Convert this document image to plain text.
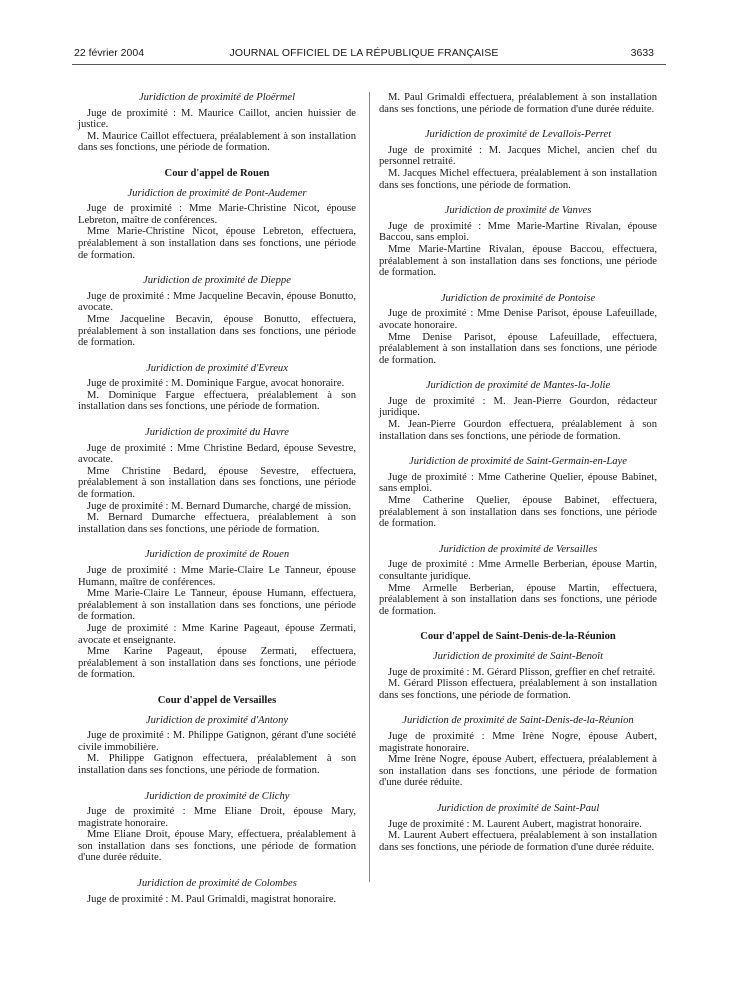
22 février 2004	JOURNAL OFFICIEL DE LA RÉPUBLIQUE FRANÇAISE	3633
Juridiction de proximité de Ploërmel
Juge de proximité : M. Maurice Caillot, ancien huissier de justice.
M. Maurice Caillot effectuera, préalablement à son installation dans ses fonctions, une période de formation.
Cour d'appel de Rouen
Juridiction de proximité de Pont-Audemer
Juge de proximité : Mme Marie-Christine Nicot, épouse Lebreton, maître de conférences.
Mme Marie-Christine Nicot, épouse Lebreton, effectuera, préalablement à son installation dans ses fonctions, une période de formation.
Juridiction de proximité de Dieppe
Juge de proximité : Mme Jacqueline Becavin, épouse Bonutto, avocate.
Mme Jacqueline Becavin, épouse Bonutto, effectuera, préalablement à son installation dans ses fonctions, une période de formation.
Juridiction de proximité d'Evreux
Juge de proximité : M. Dominique Fargue, avocat honoraire.
M. Dominique Fargue effectuera, préalablement à son installation dans ses fonctions, une période de formation.
Juridiction de proximité du Havre
Juge de proximité : Mme Christine Bedard, épouse Sevestre, avocate.
Mme Christine Bedard, épouse Sevestre, effectuera, préalablement à son installation dans ses fonctions, une période de formation.
Juge de proximité : M. Bernard Dumarche, chargé de mission.
M. Bernard Dumarche effectuera, préalablement à son installation dans ses fonctions, une période de formation.
Juridiction de proximité de Rouen
Juge de proximité : Mme Marie-Claire Le Tanneur, épouse Humann, maître de conférences.
Mme Marie-Claire Le Tanneur, épouse Humann, effectuera, préalablement à son installation dans ses fonctions, une période de formation.
Juge de proximité : Mme Karine Pageaut, épouse Zermati, avocate et enseignante.
Mme Karine Pageaut, épouse Zermati, effectuera, préalablement à son installation dans ses fonctions, une période de formation.
Cour d'appel de Versailles
Juridiction de proximité d'Antony
Juge de proximité : M. Philippe Gatignon, gérant d'une société civile immobilière.
M. Philippe Gatignon effectuera, préalablement à son installation dans ses fonctions, une période de formation.
Juridiction de proximité de Clichy
Juge de proximité : Mme Eliane Droit, épouse Mary, magistrate honoraire.
Mme Eliane Droit, épouse Mary, effectuera, préalablement à son installation dans ses fonctions, une période de formation d'une durée réduite.
Juridiction de proximité de Colombes
Juge de proximité : M. Paul Grimaldi, magistrat honoraire.
M. Paul Grimaldi effectuera, préalablement à son installation dans ses fonctions, une période de formation d'une durée réduite.
Juridiction de proximité de Levallois-Perret
Juge de proximité : M. Jacques Michel, ancien chef du personnel retraité.
M. Jacques Michel effectuera, préalablement à son installation dans ses fonctions, une période de formation.
Juridiction de proximité de Vanves
Juge de proximité : Mme Marie-Martine Rivalan, épouse Baccou, sans emploi.
Mme Marie-Martine Rivalan, épouse Baccou, effectuera, préalablement à son installation dans ses fonctions, une période de formation.
Juridiction de proximité de Pontoise
Juge de proximité : Mme Denise Parisot, épouse Lafeuillade, avocate honoraire.
Mme Denise Parisot, épouse Lafeuillade, effectuera, préalablement à son installation dans ses fonctions, une période de formation.
Juridiction de proximité de Mantes-la-Jolie
Juge de proximité : M. Jean-Pierre Gourdon, rédacteur juridique.
M. Jean-Pierre Gourdon effectuera, préalablement à son installation dans ses fonctions, une période de formation.
Juridiction de proximité de Saint-Germain-en-Laye
Juge de proximité : Mme Catherine Quelier, épouse Babinet, sans emploi.
Mme Catherine Quelier, épouse Babinet, effectuera, préalablement à son installation dans ses fonctions, une période de formation.
Juridiction de proximité de Versailles
Juge de proximité : Mme Armelle Berberian, épouse Martin, consultante juridique.
Mme Armelle Berberian, épouse Martin, effectuera, préalablement à son installation dans ses fonctions, une période de formation.
Cour d'appel de Saint-Denis-de-la-Réunion
Juridiction de proximité de Saint-Benoît
Juge de proximité : M. Gérard Plisson, greffier en chef retraité.
M. Gérard Plisson effectuera, préalablement à son installation dans ses fonctions, une période de formation.
Juridiction de proximité de Saint-Denis-de-la-Réunion
Juge de proximité : Mme Irène Nogre, épouse Aubert, magistrate honoraire.
Mme Irène Nogre, épouse Aubert, effectuera, préalablement à son installation dans ses fonctions, une période de formation d'une durée réduite.
Juridiction de proximité de Saint-Paul
Juge de proximité : M. Laurent Aubert, magistrat honoraire.
M. Laurent Aubert effectuera, préalablement à son installation dans ses fonctions, une période de formation d'une durée réduite.
